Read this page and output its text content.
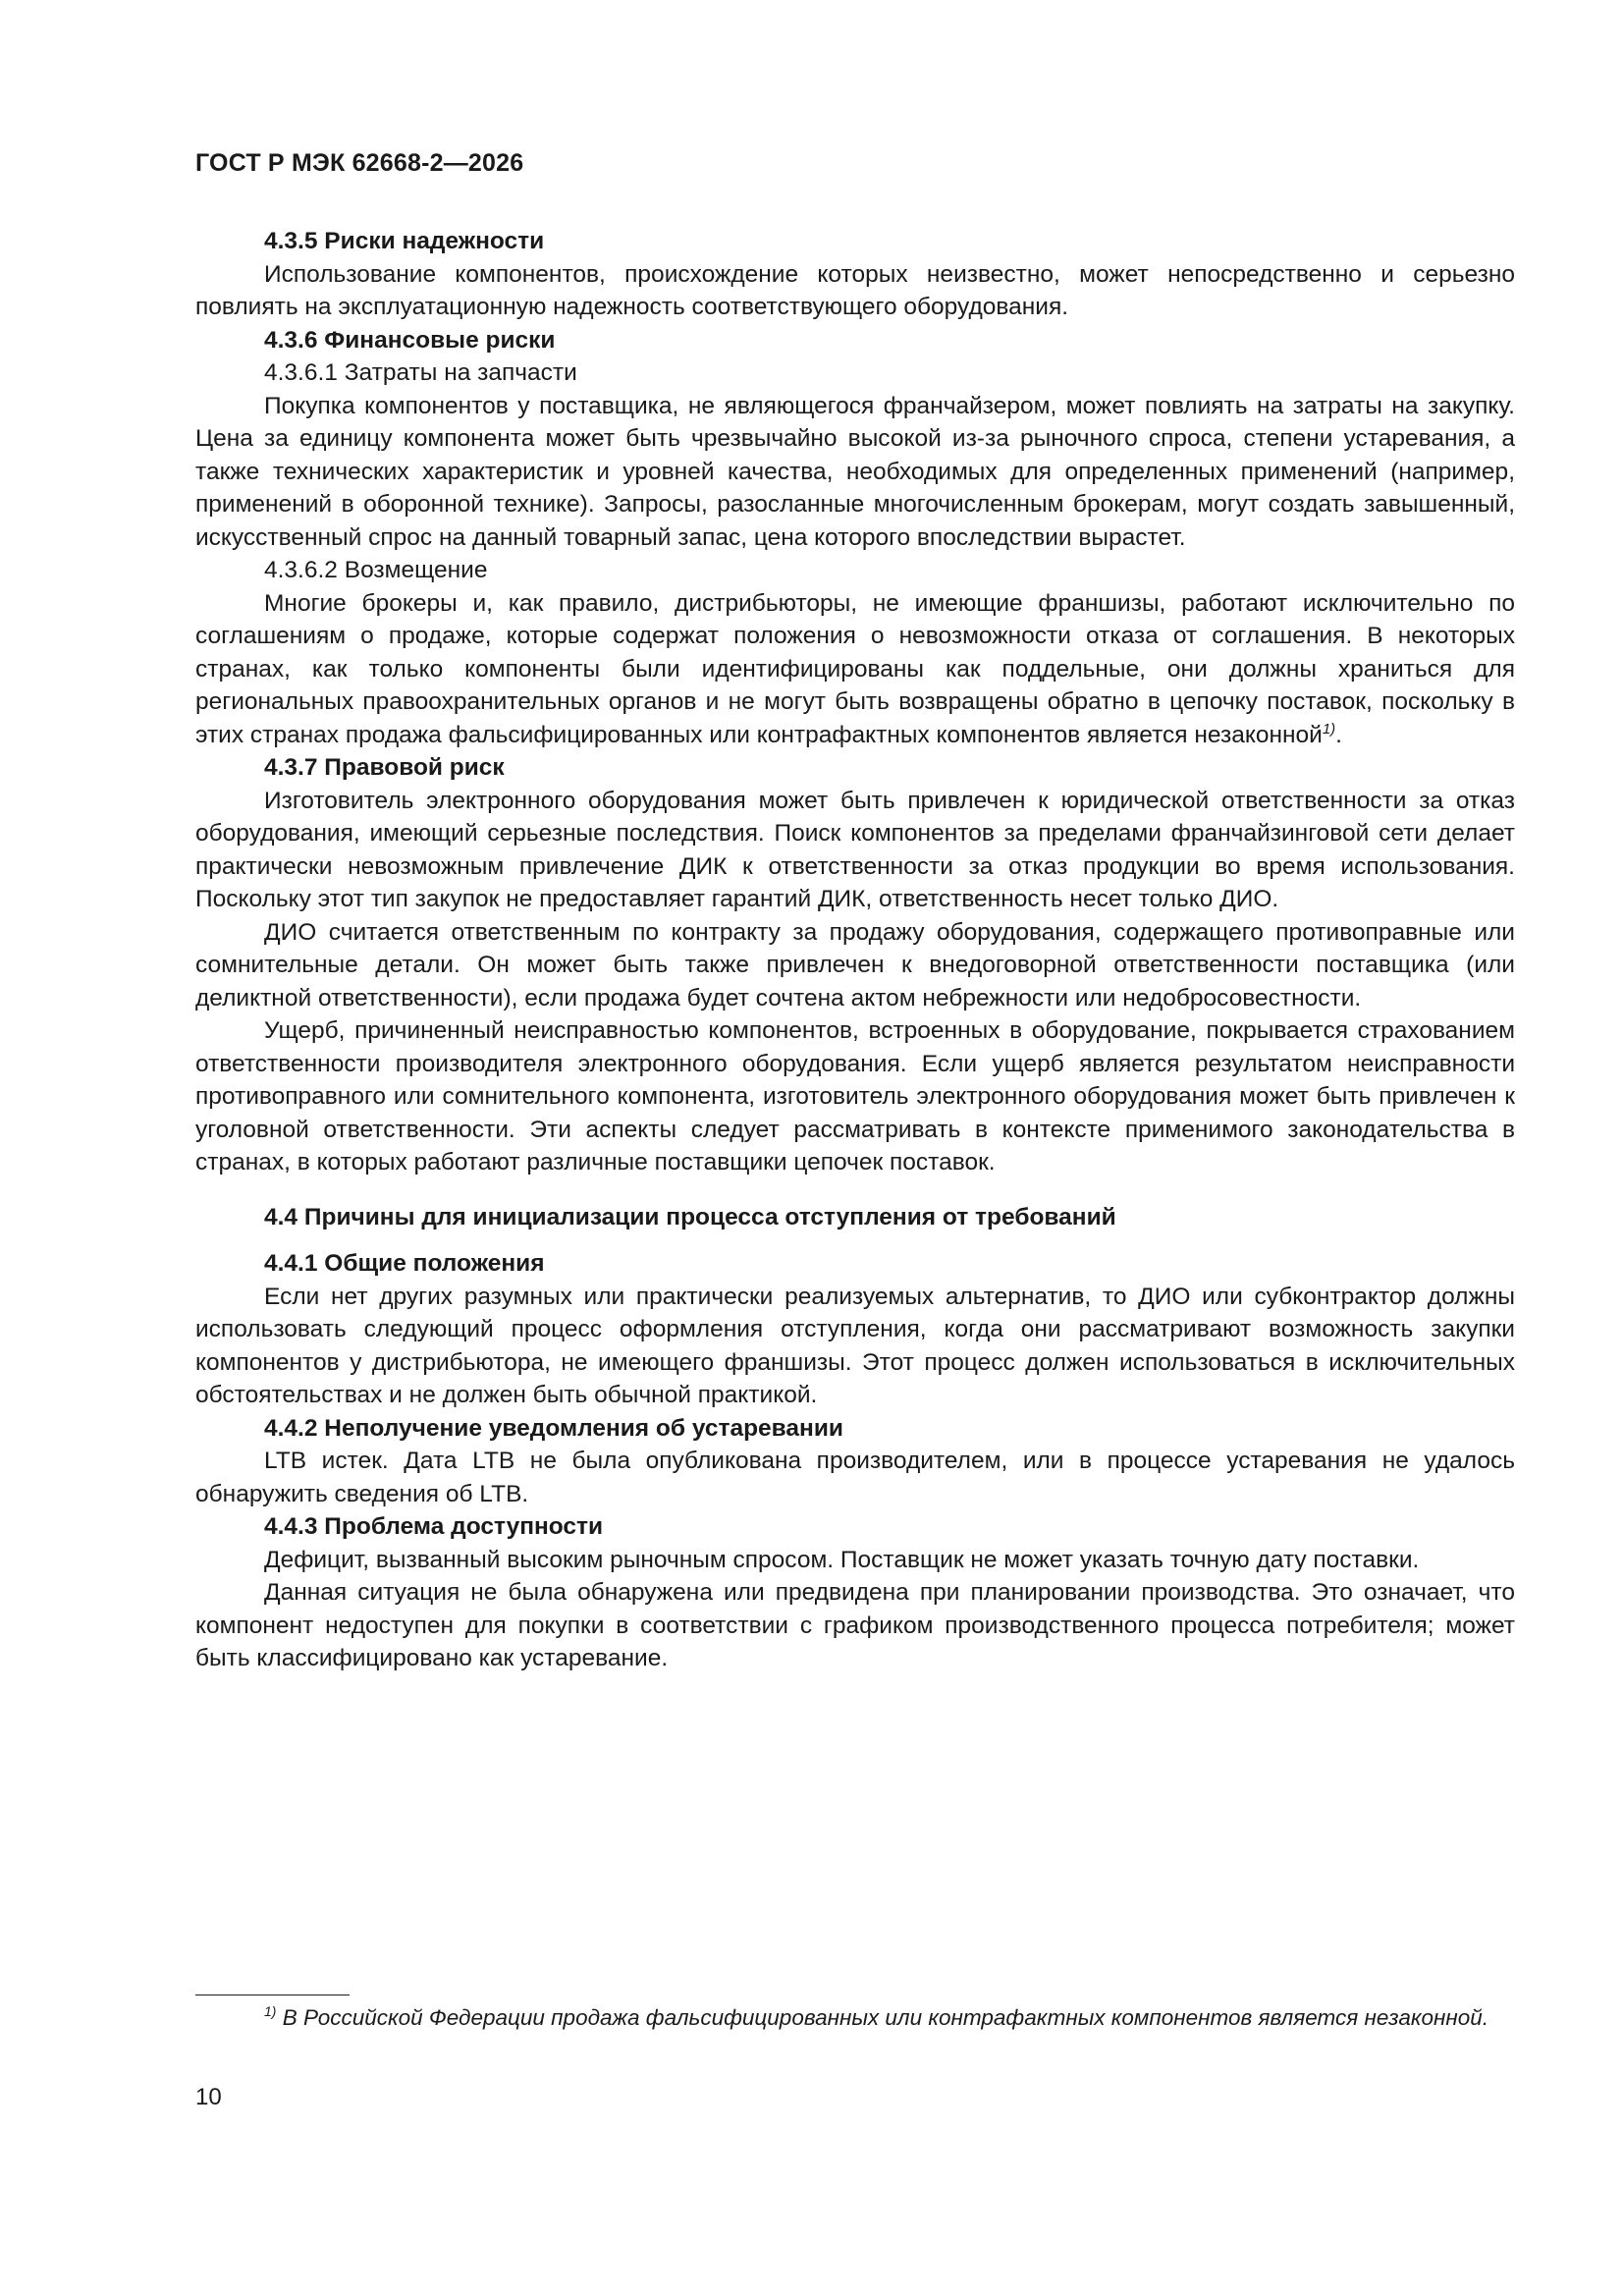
ГОСТ Р МЭК 62668-2—2026

4.3.5 Риски надежности

Использование компонентов, происхождение которых неизвестно, может непосредственно и серьезно повлиять на эксплуатационную надежность соответствующего оборудования.

4.3.6 Финансовые риски

4.3.6.1 Затраты на запчасти

Покупка компонентов у поставщика, не являющегося франчайзером, может повлиять на затраты на закупку. Цена за единицу компонента может быть чрезвычайно высокой из-за рыночного спроса, степени устаревания, а также технических характеристик и уровней качества, необходимых для определенных применений (например, применений в оборонной технике). Запросы, разосланные многочисленным брокерам, могут создать завышенный, искусственный спрос на данный товарный запас, цена которого впоследствии вырастет.

4.3.6.2 Возмещение

Многие брокеры и, как правило, дистрибьюторы, не имеющие франшизы, работают исключительно по соглашениям о продаже, которые содержат положения о невозможности отказа от соглашения. В некоторых странах, как только компоненты были идентифицированы как поддельные, они должны храниться для региональных правоохранительных органов и не могут быть возвращены обратно в цепочку поставок, поскольку в этих странах продажа фальсифицированных или контрафактных компонентов является незаконной$^{1)}$.

4.3.7 Правовой риск

Изготовитель электронного оборудования может быть привлечен к юридической ответственности за отказ оборудования, имеющий серьезные последствия. Поиск компонентов за пределами франчайзинговой сети делает практически невозможным привлечение ДИК к ответственности за отказ продукции во время использования. Поскольку этот тип закупок не предоставляет гарантий ДИК, ответственность несет только ДИО.

ДИО считается ответственным по контракту за продажу оборудования, содержащего противоправные или сомнительные детали. Он может быть также привлечен к внедоговорной ответственности поставщика (или деликтной ответственности), если продажа будет сочтена актом небрежности или недобросовестности.

Ущерб, причиненный неисправностью компонентов, встроенных в оборудование, покрывается страхованием ответственности производителя электронного оборудования. Если ущерб является результатом неисправности противоправного или сомнительного компонента, изготовитель электронного оборудования может быть привлечен к уголовной ответственности. Эти аспекты следует рассматривать в контексте применимого законодательства в странах, в которых работают различные поставщики цепочек поставок.

4.4 Причины для инициализации процесса отступления от требований

4.4.1 Общие положения

Если нет других разумных или практически реализуемых альтернатив, то ДИО или субконтрактор должны использовать следующий процесс оформления отступления, когда они рассматривают возможность закупки компонентов у дистрибьютора, не имеющего франшизы. Этот процесс должен использоваться в исключительных обстоятельствах и не должен быть обычной практикой.

4.4.2 Неполучение уведомления об устаревании

LTB истек. Дата LTB не была опубликована производителем, или в процессе устаревания не удалось обнаружить сведения об LTB.

4.4.3 Проблема доступности

Дефицит, вызванный высоким рыночным спросом. Поставщик не может указать точную дату поставки.

Данная ситуация не была обнаружена или предвидена при планировании производства. Это означает, что компонент недоступен для покупки в соответствии с графиком производственного процесса потребителя; может быть классифицировано как устаревание.

$^{1)}$ В Российской Федерации продажа фальсифицированных или контрафактных компонентов является незаконной.

10
